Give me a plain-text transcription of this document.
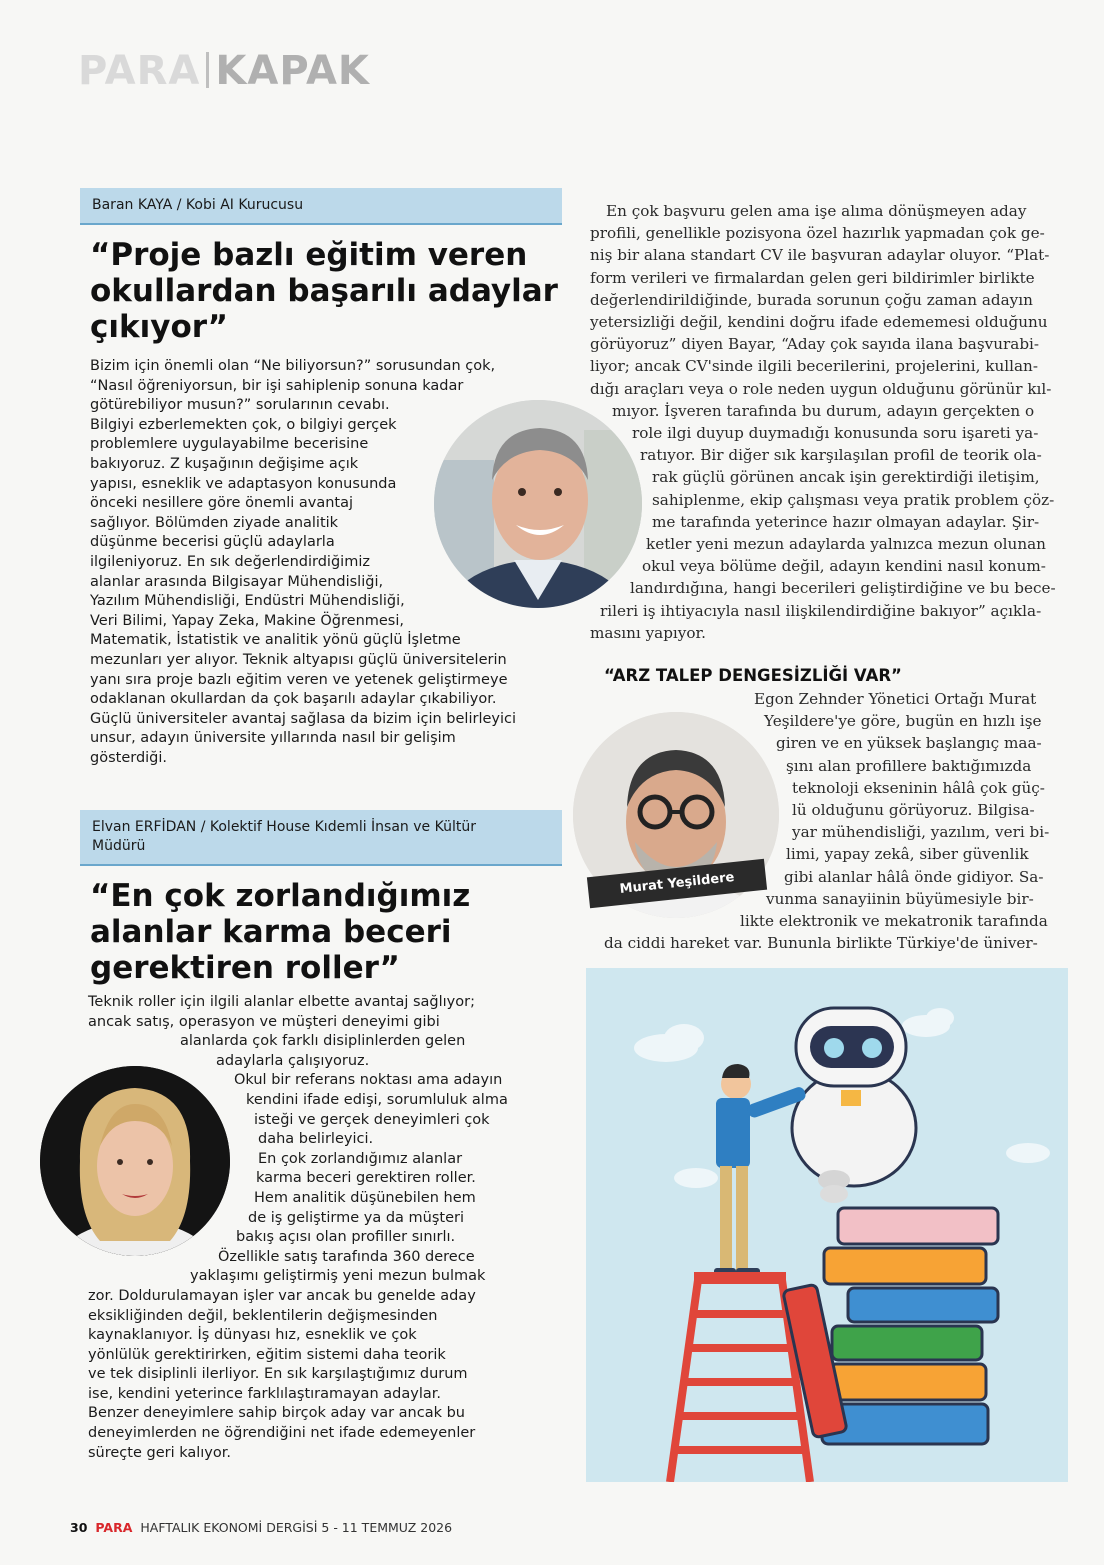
PARA KAPAK
Baran KAYA / Kobi AI Kurucusu
“Proje bazlı eğitim veren
okullardan başarılı adaylar
çıkıyor”
Bizim için önemli olan “Ne biliyorsun?” sorusundan çok,
“Nasıl öğreniyorsun, bir işi sahiplenip sonuna kadar
götürebiliyor musun?” sorularının cevabı.
Bilgiyi ezberlemekten çok, o bilgiyi gerçek
problemlere uygulayabilme becerisine
bakıyoruz. Z kuşağının değişime açık
yapısı, esneklik ve adaptasyon konusunda
önceki nesillere göre önemli avantaj
sağlıyor. Bölümden ziyade analitik
düşünme becerisi güçlü adaylarla
ilgileniyoruz. En sık değerlendirdiğimiz
alanlar arasında Bilgisayar Mühendisliği,
Yazılım Mühendisliği, Endüstri Mühendisliği,
Veri Bilimi, Yapay Zeka, Makine Öğrenmesi,
Matematik, İstatistik ve analitik yönü güçlü İşletme
mezunları yer alıyor. Teknik altyapısı güçlü üniversitelerin
yanı sıra proje bazlı eğitim veren ve yetenek geliştirmeye
odaklanan okullardan da çok başarılı adaylar çıkabiliyor.
Güçlü üniversiteler avantaj sağlasa da bizim için belirleyici
unsur, adayın üniversite yıllarında nasıl bir gelişim
gösterdiği.
Elvan ERFİDAN / Kolektif House Kıdemli İnsan ve Kültür
Müdürü
“En çok zorlandığımız
alanlar karma beceri
gerektiren roller”
Teknik roller için ilgili alanlar elbette avantaj sağlıyor;
ancak satış, operasyon ve müşteri deneyimi gibi
alanlarda çok farklı disiplinlerden gelen
adaylarla çalışıyoruz.
Okul bir referans noktası ama adayın
kendini ifade edişi, sorumluluk alma
isteği ve gerçek deneyimleri çok
daha belirleyici.
En çok zorlandığımız alanlar
karma beceri gerektiren roller.
Hem analitik düşünebilen hem
de iş geliştirme ya da müşteri
bakış açısı olan profiller sınırlı.
Özellikle satış tarafında 360 derece
yaklaşımı geliştirmiş yeni mezun bulmak
zor. Doldurulamayan işler var ancak bu genelde aday
eksikliğinden değil, beklentilerin değişmesinden
kaynaklanıyor. İş dünyası hız, esneklik ve çok
yönlülük gerektirirken, eğitim sistemi daha teorik
ve tek disiplinli ilerliyor. En sık karşılaştığımız durum
ise, kendini yeterince farklılaştıramayan adaylar.
Benzer deneyimlere sahip birçok aday var ancak bu
deneyimlerden ne öğrendiğini net ifade edemeyenler
süreçte geri kalıyor.
En çok başvuru gelen ama işe alıma dönüşmeyen aday
profili, genellikle pozisyona özel hazırlık yapmadan çok ge-
niş bir alana standart CV ile başvuran adaylar oluyor. “Plat-
form verileri ve firmalardan gelen geri bildirimler birlikte
değerlendirildiğinde, burada sorunun çoğu zaman adayın
yetersizliği değil, kendini doğru ifade edememesi olduğunu
görüyoruz” diyen Bayar, “Aday çok sayıda ilana başvurabi-
liyor; ancak CV'sinde ilgili becerilerini, projelerini, kullan-
dığı araçları veya o role neden uygun olduğunu görünür kıl-
mıyor. İşveren tarafında bu durum, adayın gerçekten o
role ilgi duyup duymadığı konusunda soru işareti ya-
ratıyor. Bir diğer sık karşılaşılan profil de teorik ola-
rak güçlü görünen ancak işin gerektirdiği iletişim,
sahiplenme, ekip çalışması veya pratik problem çöz-
me tarafında yeterince hazır olmayan adaylar. Şir-
ketler yeni mezun adaylarda yalnızca mezun olunan
okul veya bölüme değil, adayın kendini nasıl konum-
landırdığına, hangi becerileri geliştirdiğine ve bu bece-
rileri iş ihtiyacıyla nasıl ilişkilendirdiğine bakıyor” açıkla-
masını yapıyor.
“ARZ TALEP DENGESİZLİĞİ VAR”
Egon Zehnder Yönetici Ortağı Murat
Yeşildere'ye göre, bugün en hızlı işe
giren ve en yüksek başlangıç maa-
şını alan profillere baktığımızda
teknoloji ekseninin hâlâ çok güç-
lü olduğunu görüyoruz. Bilgisa-
yar mühendisliği, yazılım, veri bi-
limi, yapay zekâ, siber güvenlik
gibi alanlar hâlâ önde gidiyor. Sa-
vunma sanayiinin büyümesiyle bir-
likte elektronik ve mekatronik tarafında
da ciddi hareket var. Bununla birlikte Türkiye'de üniver-
Murat Yeşildere
30 PARA HAFTALIK EKONOMİ DERGİSİ 5 - 11 TEMMUZ 2026
